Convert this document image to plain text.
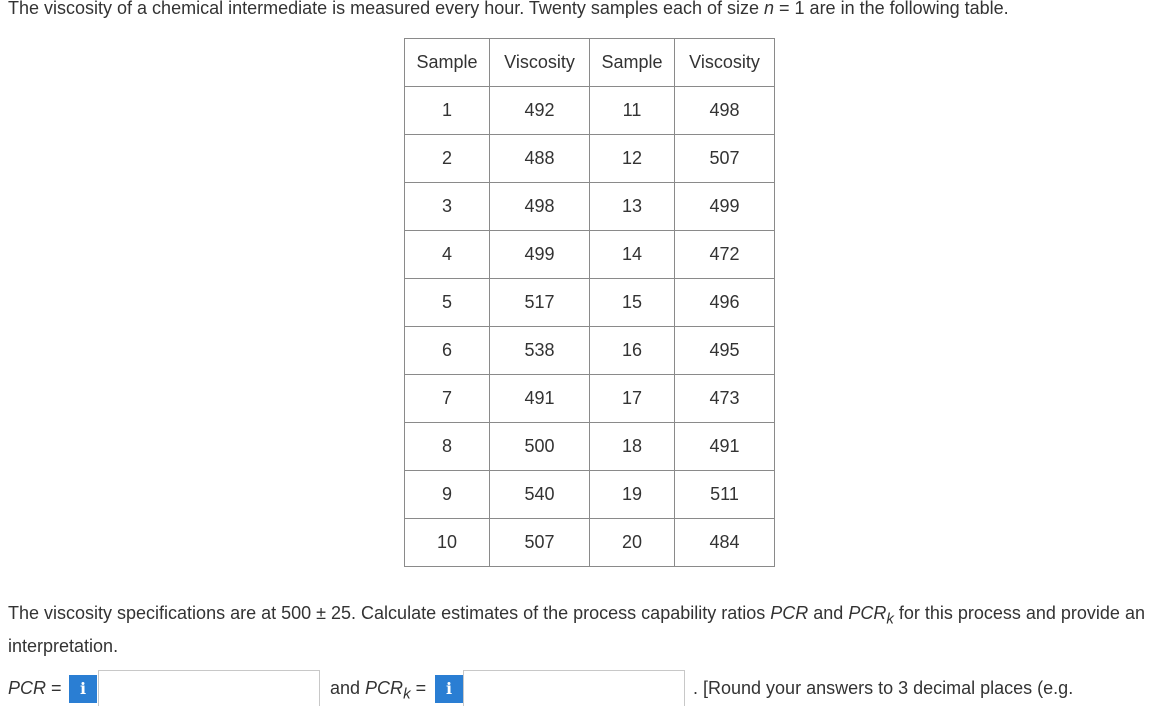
The viscosity of a chemical intermediate is measured every hour. Twenty samples each of size n = 1 are in the following table.
Sample	Viscosity	Sample	Viscosity
1	492	11	498
2	488	12	507
3	498	13	499
4	499	14	472
5	517	15	496
6	538	16	495
7	491	17	473
8	500	18	491
9	540	19	511
10	507	20	484
The viscosity specifications are at 500 ± 25. Calculate estimates of the process capability ratios PCR and $PCR_k$ for this process and provide an interpretation.
PCR =	i	and $PCR_k$ =	i	. [Round your answers to 3 decimal places (e.g.
